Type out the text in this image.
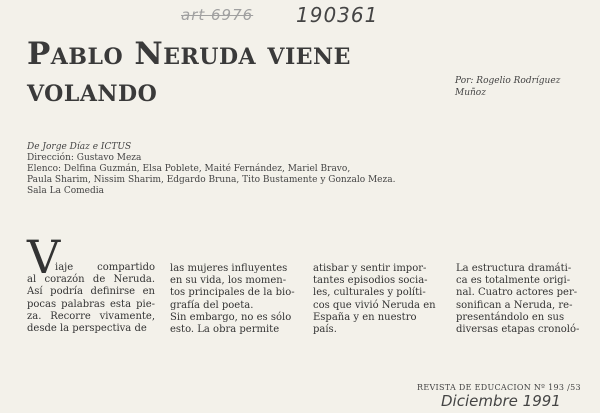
art 6976 190361
Pablo Neruda viene volando	Por: Rogelio Rodríguez Muñoz
De Jorge Díaz e ICTUS
Dirección: Gustavo Meza
Elenco: Delfina Guzmán, Elsa Poblete, Maité Fernández, Mariel Bravo,
Paula Sharim, Nissim Sharim, Edgardo Bruna, Tito Bustamente y Gonzalo Meza.
Sala La Comedia
V
iaje compartido
al corazón de Neruda.
Así podría definirse en
pocas palabras esta pie-
za. Recorre vivamente,
desde la perspectiva de
las mujeres influyentes
en su vida, los momen-
tos principales de la bio-
grafía del poeta.
Sin embargo, no es sólo
esto. La obra permite
atisbar y sentir impor-
tantes episodios socia-
les, culturales y políti-
cos que vivió Neruda en
España y en nuestro
país.
La estructura dramáti-
ca es totalmente origi-
nal. Cuatro actores per-
sonifican a Neruda, re-
presentándolo en sus
diversas etapas cronoló-
REVISTA DE EDUCACION Nº 193 /53
Diciembre 1991
